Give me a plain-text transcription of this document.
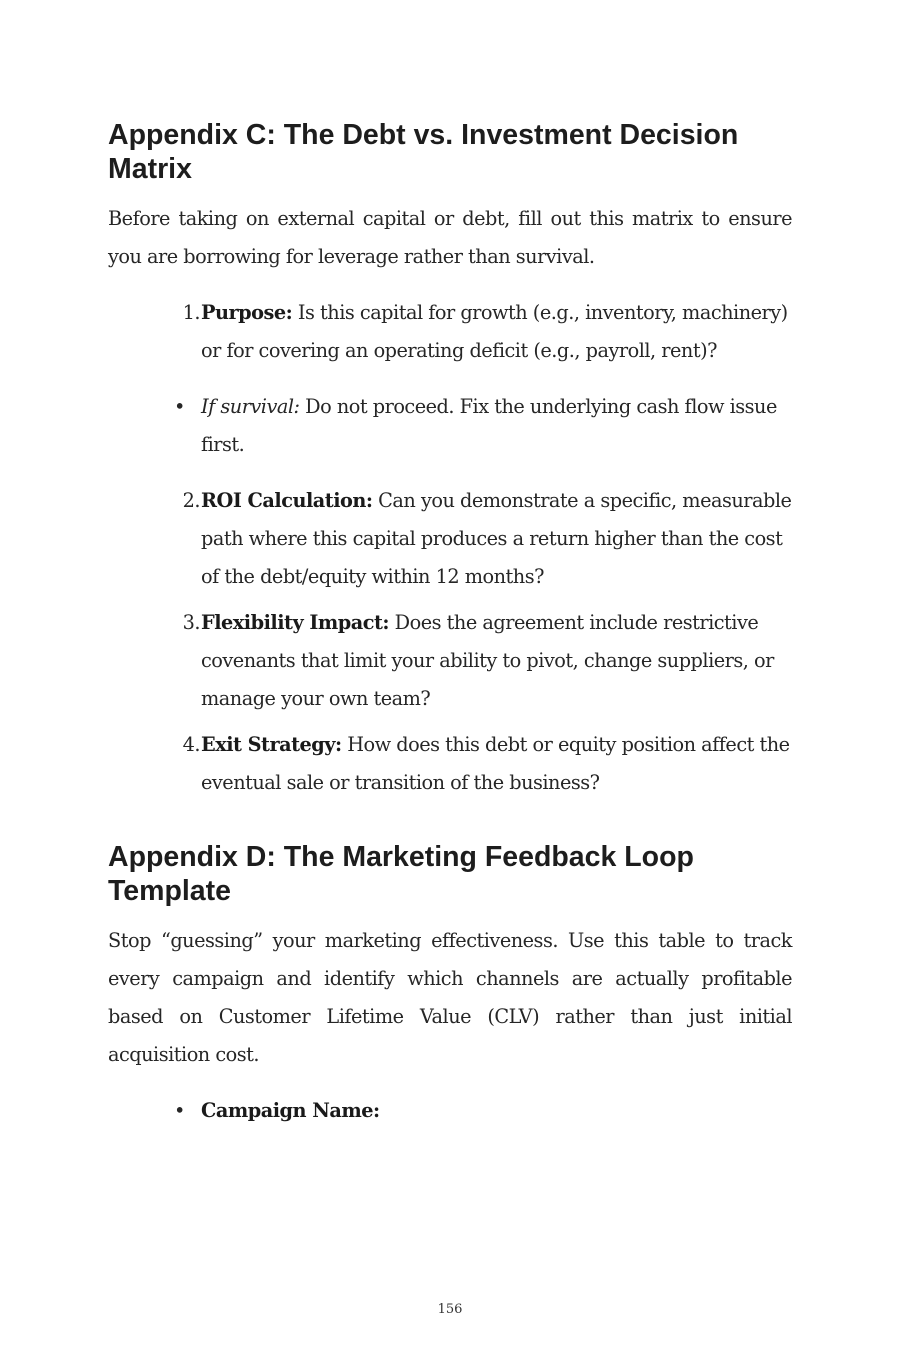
Appendix C: The Debt vs. Investment Decision Matrix

Before taking on external capital or debt, fill out this matrix to ensure you are borrowing for leverage rather than survival.

1. Purpose: Is this capital for growth (e.g., inventory, machinery) or for covering an operating deficit (e.g., payroll, rent)?
• If survival: Do not proceed. Fix the underlying cash flow issue first.
2. ROI Calculation: Can you demonstrate a specific, measurable path where this capital produces a return higher than the cost of the debt/equity within 12 months?
3. Flexibility Impact: Does the agreement include restrictive covenants that limit your ability to pivot, change suppliers, or manage your own team?
4. Exit Strategy: How does this debt or equity position affect the eventual sale or transition of the business?
Appendix D: The Marketing Feedback Loop Template

Stop “guessing” your marketing effectiveness. Use this table to track every campaign and identify which channels are actually profitable based on Customer Lifetime Value (CLV) rather than just initial acquisition cost.

• Campaign Name:
156
